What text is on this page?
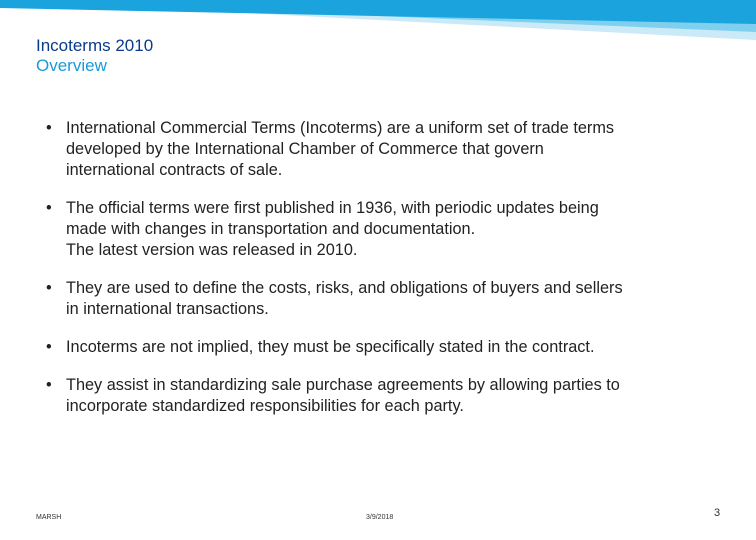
Incoterms 2010
Overview
• International Commercial Terms (Incoterms) are a uniform set of trade terms
developed by the International Chamber of Commerce that govern
international contracts of sale.
• The official terms were first published in 1936, with periodic updates being
made with changes in transportation and documentation.
The latest version was released in 2010.
• They are used to define the costs, risks, and obligations of buyers and sellers
in international transactions.
• Incoterms are not implied, they must be specifically stated in the contract.
• They assist in standardizing sale purchase agreements by allowing parties to
incorporate standardized responsibilities for each party.
MARSH	3/9/2018	3
